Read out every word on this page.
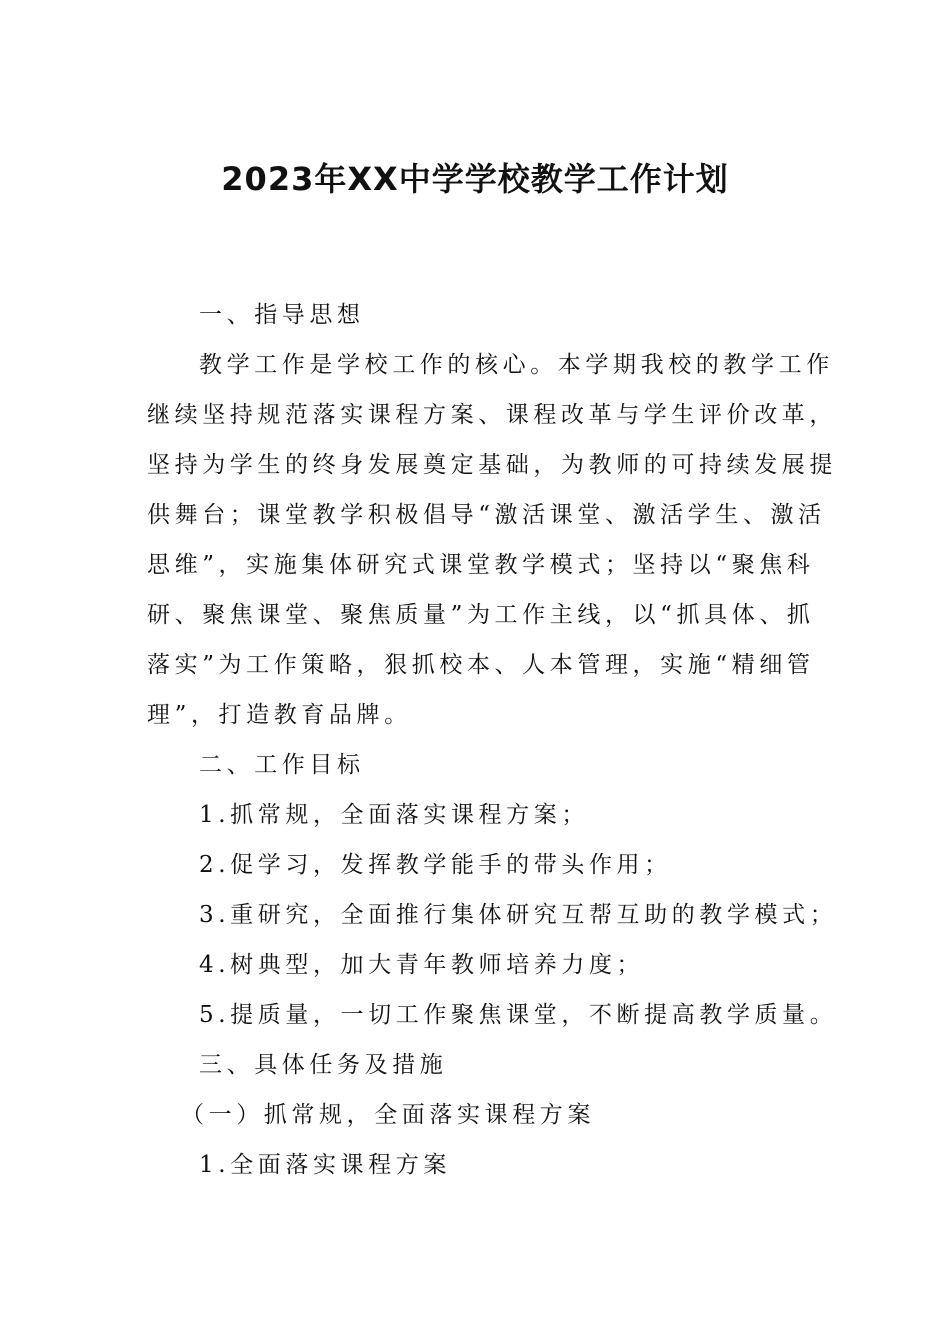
2023年XX中学学校教学工作计划

一、指导思想

教学工作是学校工作的核心。本学期我校的教学工作

继续坚持规范落实课程方案、课程改革与学生评价改革，

坚持为学生的终身发展奠定基础，为教师的可持续发展提

供舞台；课堂教学积极倡导“激活课堂、激活学生、激活

思维”，实施集体研究式课堂教学模式；坚持以“聚焦科

研、聚焦课堂、聚焦质量”为工作主线，以“抓具体、抓

落实”为工作策略，狠抓校本、人本管理，实施“精细管

理”，打造教育品牌。

二、工作目标

1.抓常规，全面落实课程方案；

2.促学习，发挥教学能手的带头作用；

3.重研究，全面推行集体研究互帮互助的教学模式；

4.树典型，加大青年教师培养力度；

5.提质量，一切工作聚焦课堂，不断提高教学质量。

三、具体任务及措施

（一）抓常规，全面落实课程方案

1.全面落实课程方案
